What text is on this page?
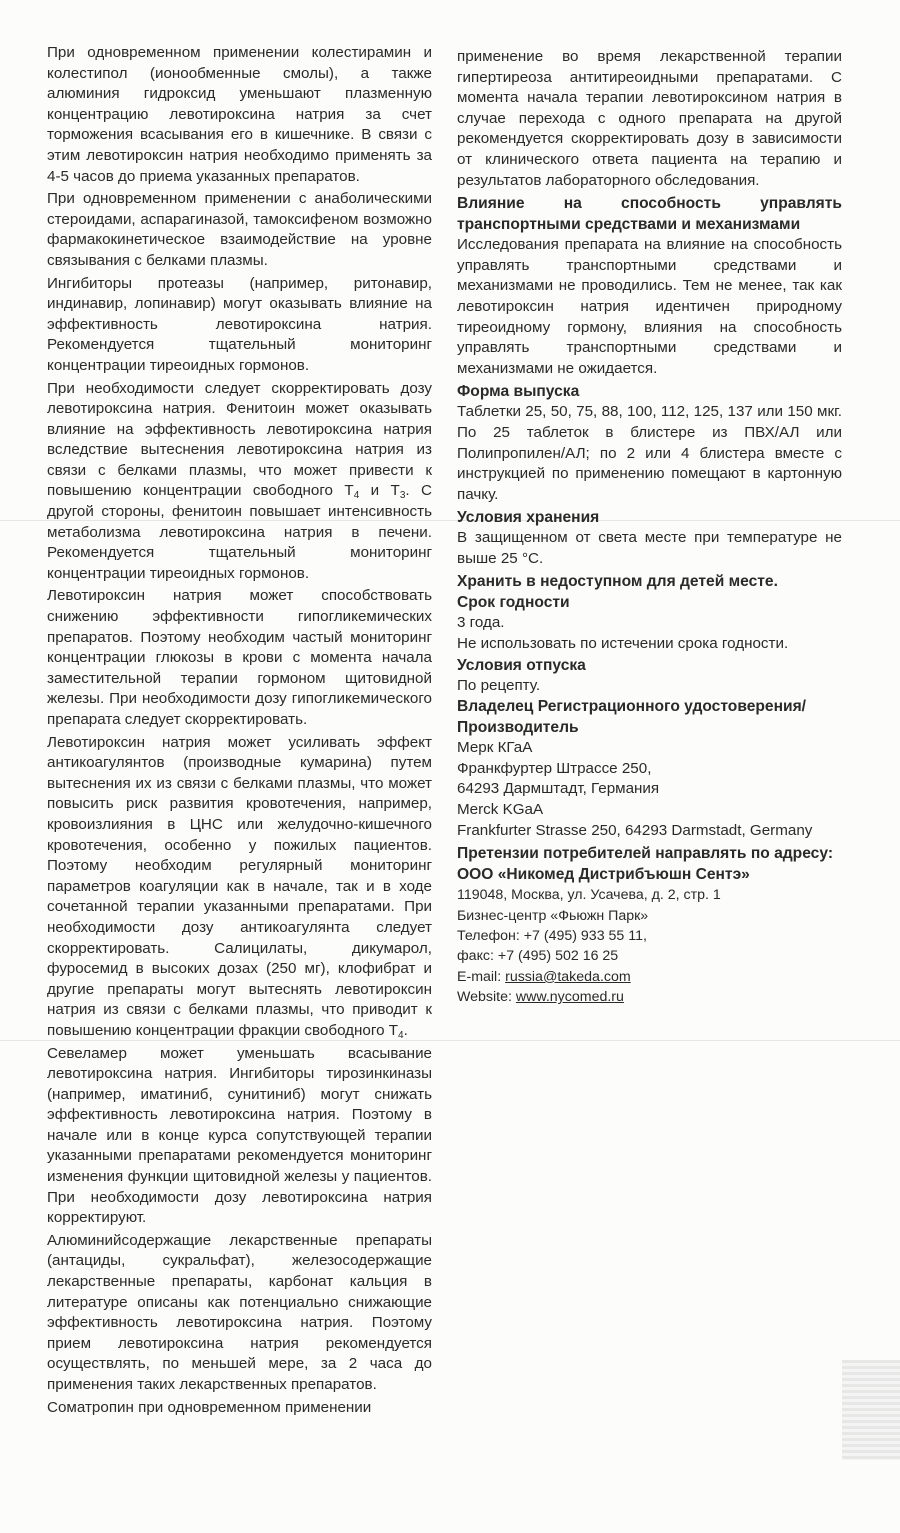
При одновременном применении колестирамин и колестипол (ионообменные смолы), а также алюминия гидроксид уменьшают плазменную концентрацию левотироксина натрия за счет торможения всасывания его в кишечнике. В связи с этим левотироксин натрия необходимо применять за 4-5 часов до приема указанных препаратов.

При одновременном применении с анаболическими стероидами, аспарагиназой, тамоксифеном возможно фармакокинетическое взаимодействие на уровне связывания с белками плазмы.

Ингибиторы протеазы (например, ритонавир, индинавир, лопинавир) могут оказывать влияние на эффективность левотироксина натрия. Рекомендуется тщательный мониторинг концентрации тиреоидных гормонов.

При необходимости следует скорректировать дозу левотироксина натрия. Фенитоин может оказывать влияние на эффективность левотироксина натрия вследствие вытеснения левотироксина натрия из связи с белками плазмы, что может привести к повышению концентрации свободного $T_4$ и $T_3$. С другой стороны, фенитоин повышает интенсивность метаболизма левотироксина натрия в печени. Рекомендуется тщательный мониторинг концентрации тиреоидных гормонов.

Левотироксин натрия может способствовать снижению эффективности гипогликемических препаратов. Поэтому необходим частый мониторинг концентрации глюкозы в крови с момента начала заместительной терапии гормоном щитовидной железы. При необходимости дозу гипогликемического препарата следует скорректировать.

Левотироксин натрия может усиливать эффект антикоагулянтов (производные кумарина) путем вытеснения их из связи с белками плазмы, что может повысить риск развития кровотечения, например, кровоизлияния в ЦНС или желудочно-кишечного кровотечения, особенно у пожилых пациентов. Поэтому необходим регулярный мониторинг параметров коагуляции как в начале, так и в ходе сочетанной терапии указанными препаратами. При необходимости дозу антикоагулянта следует скорректировать. Салицилаты, дикумарол, фуросемид в высоких дозах (250 мг), клофибрат и другие препараты могут вытеснять левотироксин натрия из связи с белками плазмы, что приводит к повышению концентрации фракции свободного $T_4$.

Севеламер может уменьшать всасывание левотироксина натрия. Ингибиторы тирозинкиназы (например, иматиниб, сунитиниб) могут снижать эффективность левотироксина натрия. Поэтому в начале или в конце курса сопутствующей терапии указанными препаратами рекомендуется мониторинг изменения функции щитовидной железы у пациентов. При необходимости дозу левотироксина натрия корректируют.

Алюминийсодержащие лекарственные препараты (антациды, сукральфат), железосодержащие лекарственные препараты, карбонат кальция в литературе описаны как потенциально снижающие эффективность левотироксина натрия. Поэтому прием левотироксина натрия рекомендуется осуществлять, по меньшей мере, за 2 часа до применения таких лекарственных препаратов.

Соматропин при одновременном применении

применение во время лекарственной терапии гипертиреоза антитиреоидными препаратами. С момента начала терапии левотироксином натрия в случае перехода с одного препарата на другой рекомендуется скорректировать дозу в зависимости от клинического ответа пациента на терапию и результатов лабораторного обследования.

Влияние на способность управлять транспортными средствами и механизмами

Исследования препарата на влияние на способность управлять транспортными средствами и механизмами не проводились. Тем не менее, так как левотироксин натрия идентичен природному тиреоидному гормону, влияния на способность управлять транспортными средствами и механизмами не ожидается.

Форма выпуска

Таблетки 25, 50, 75, 88, 100, 112, 125, 137 или 150 мкг. По 25 таблеток в блистере из ПВХ/АЛ или Полипропилен/АЛ; по 2 или 4 блистера вместе с инструкцией по применению помещают в картонную пачку.

Условия хранения

В защищенном от света месте при температуре не выше 25 °С.

Хранить в недоступном для детей месте.
Срок годности

3 года.

Не использовать по истечении срока годности.

Условия отпуска

По рецепту.

Владелец Регистрационного удостоверения/ Производитель

Мерк КГаА

Франкфуртер Штрассе 250,

64293 Дармштадт, Германия

Merck KGaA

Frankfurter Strasse 250, 64293 Darmstadt, Germany

Претензии потребителей направлять по адресу:
ООО «Никомед Дистрибъюшн Сентэ»

119048, Москва, ул. Усачева, д. 2, стр. 1

Бизнес-центр «Фьюжн Парк»

Телефон: +7 (495) 933 55 11,

факс: +7 (495) 502 16 25

E-mail: russia@takeda.com

Website: www.nycomed.ru
